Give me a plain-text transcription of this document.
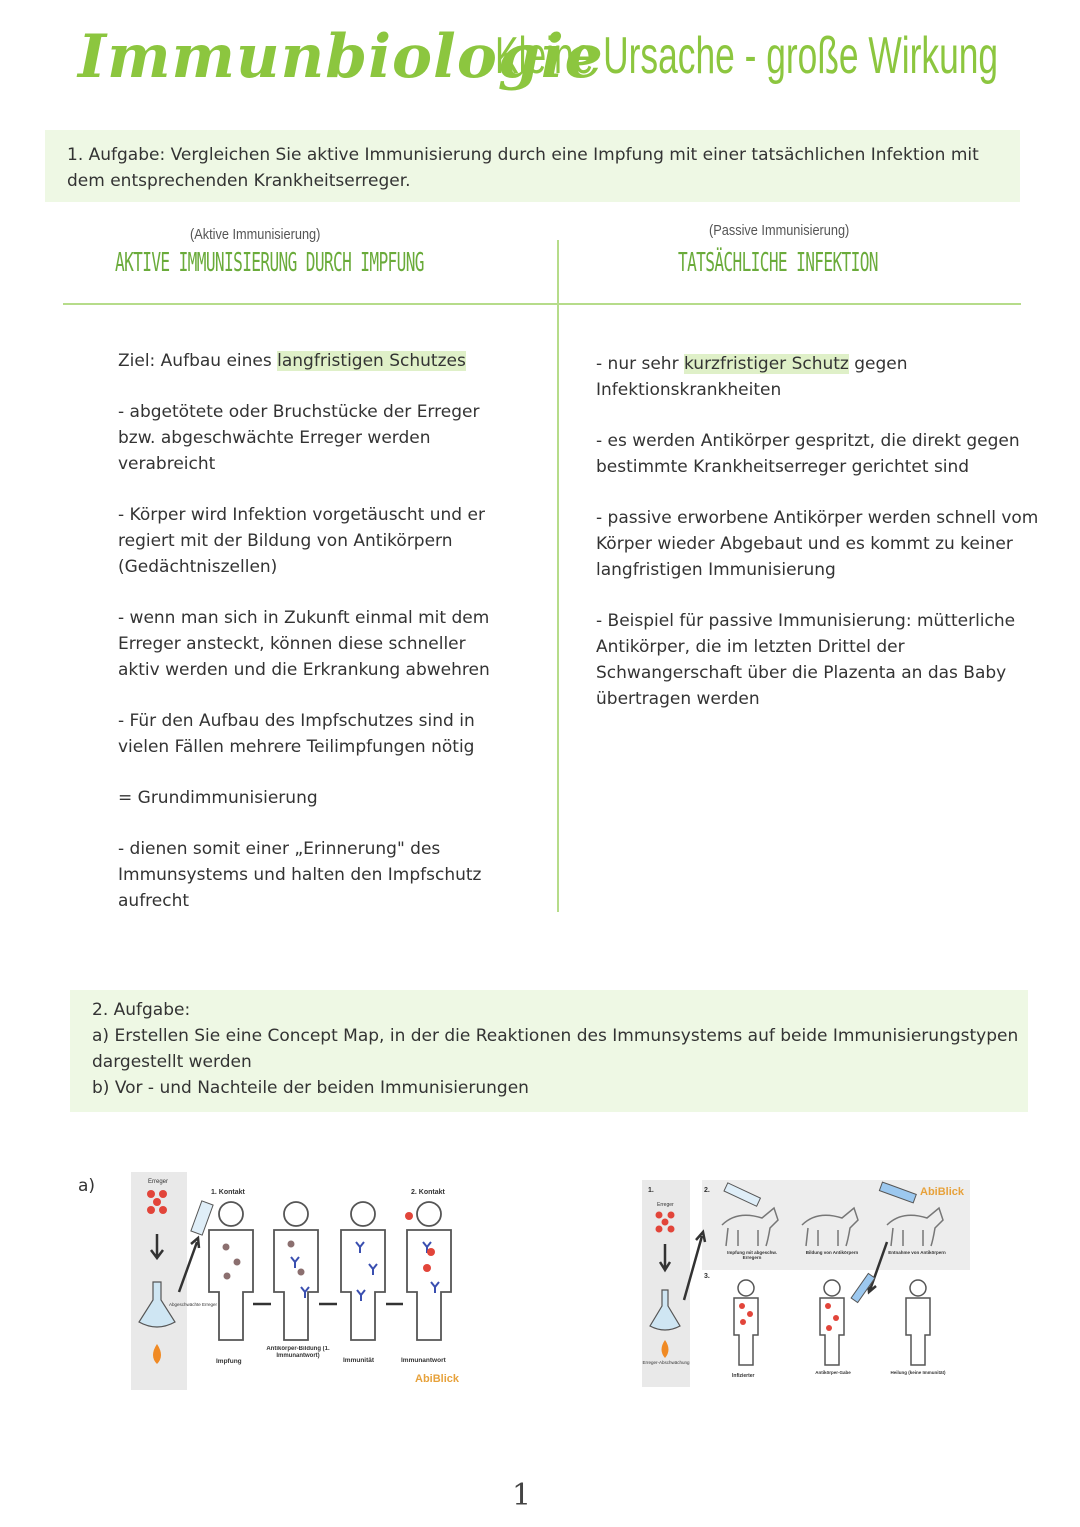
Immunbiologie
Kleine Ursache - große Wirkung
1. Aufgabe: Vergleichen Sie aktive Immunisierung durch eine Impfung mit einer tatsächlichen Infektion mit dem entsprechenden Krankheitserreger.
(Aktive Immunisierung)
AKTIVE IMMUNISIERUNG DURCH IMPFUNG
(Passive Immunisierung)
TATSÄCHLICHE INFEKTION

Ziel: Aufbau eines langfristigen Schutzes

- abgetötete oder Bruchstücke der Erreger bzw. abgeschwächte Erreger werden verabreicht

- Körper wird Infektion vorgetäuscht und er regiert mit der Bildung von Antikörpern (Gedächtniszellen)

- wenn man sich in Zukunft einmal mit dem Erreger ansteckt, können diese schneller aktiv werden und die Erkrankung abwehren

- Für den Aufbau des Impfschutzes sind in vielen Fällen mehrere Teilimpfungen nötig

= Grundimmunisierung

- dienen somit einer „Erinnerung" des Immunsystems und halten den Impfschutz aufrecht

- nur sehr kurzfristiger Schutz gegen Infektionskrankheiten

- es werden Antikörper gespritzt, die direkt gegen bestimmte Krankheitserreger gerichtet sind

- passive erworbene Antikörper werden schnell vom Körper wieder Abgebaut und es kommt zu keiner langfristigen Immunisierung

- Beispiel für passive Immunisierung: mütterliche Antikörper, die im letzten Drittel der Schwangerschaft über die Plazenta an das Baby übertragen werden

2. Aufgabe:
a) Erstellen Sie eine Concept Map, in der die Reaktionen des Immunsystems auf beide Immunisierungstypen dargestellt werden
b) Vor - und Nachteile der beiden Immunisierungen
a)	Erreger
Abgeschwächte Erreger
1. Kontakt	2. Kontakt
Impfung
Antikörper-Bildung (1. Immunantwort)
Immunität	Immunantwort
AbiBlick
1.	2.
3.
Erreger
Erreger-Abschwächung
Impfung mit abgeschw. Erregern
Bildung von Antikörpern	Entnahme von Antikörpern
AbiBlick
Infizierter
Antikörper-Gabe	Heilung (keine Immunität)
1
